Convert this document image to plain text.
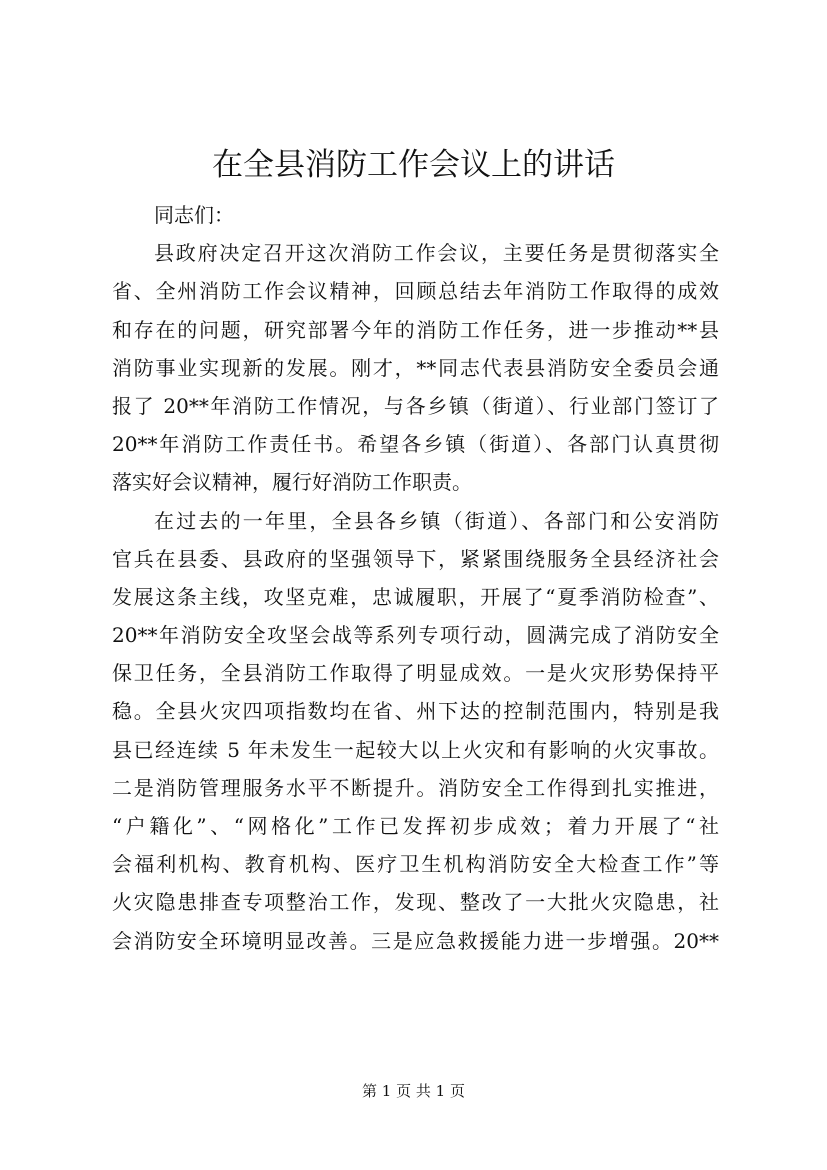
在全县消防工作会议上的讲话
同志们：
县政府决定召开这次消防工作会议，主要任务是贯彻落实全
省、全州消防工作会议精神，回顾总结去年消防工作取得的成效
和存在的问题，研究部署今年的消防工作任务，进一步推动**县
消防事业实现新的发展。刚才，**同志代表县消防安全委员会通
报了 20**年消防工作情况，与各乡镇（街道）、行业部门签订了
20**年消防工作责任书。希望各乡镇（街道）、各部门认真贯彻
落实好会议精神，履行好消防工作职责。
在过去的一年里，全县各乡镇（街道）、各部门和公安消防
官兵在县委、县政府的坚强领导下，紧紧围绕服务全县经济社会
发展这条主线，攻坚克难，忠诚履职，开展了“夏季消防检查”、
20**年消防安全攻坚会战等系列专项行动，圆满完成了消防安全
保卫任务，全县消防工作取得了明显成效。一是火灾形势保持平
稳。全县火灾四项指数均在省、州下达的控制范围内，特别是我
县已经连续 5 年未发生一起较大以上火灾和有影响的火灾事故。
二是消防管理服务水平不断提升。消防安全工作得到扎实推进，
“户籍化”、“网格化”工作已发挥初步成效；着力开展了“社
会福利机构、教育机构、医疗卫生机构消防安全大检查工作”等
火灾隐患排查专项整治工作，发现、整改了一大批火灾隐患，社
会消防安全环境明显改善。三是应急救援能力进一步增强。20**
第 1 页 共 1 页
